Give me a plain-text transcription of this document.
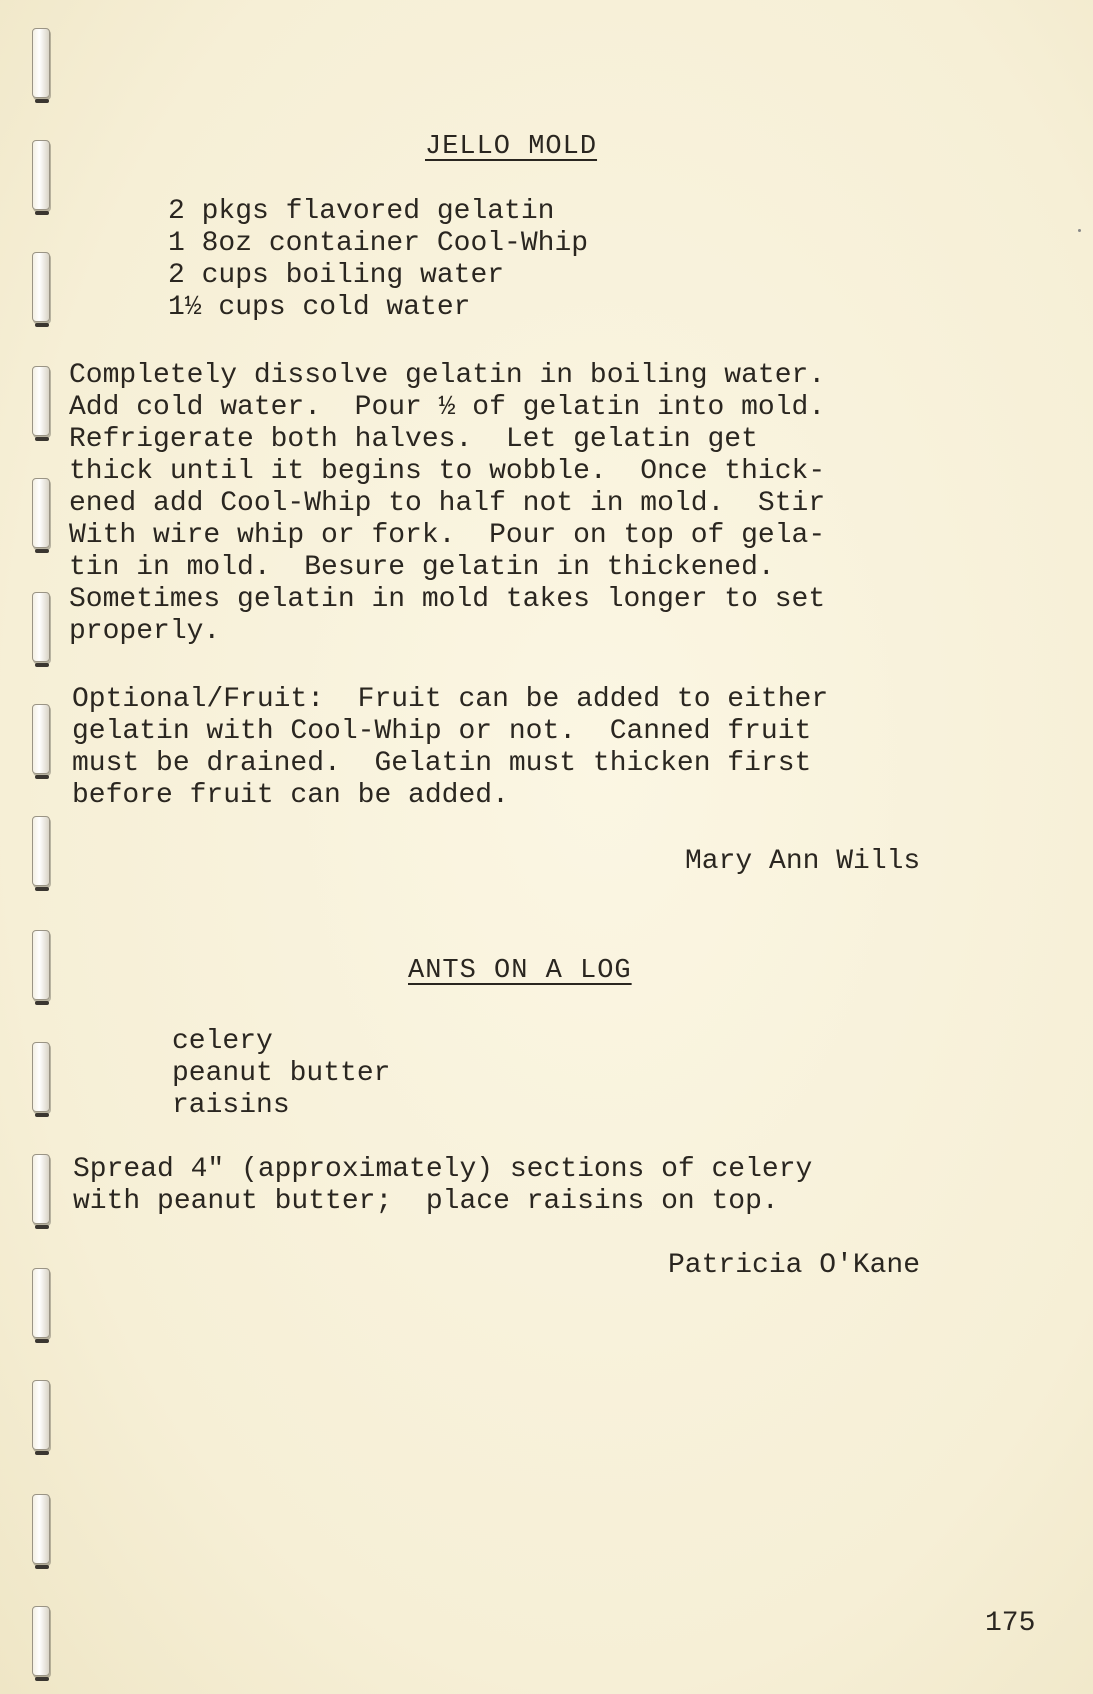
JELLO MOLD
2 pkgs flavored gelatin
1 8oz container Cool-Whip
2 cups boiling water
1½ cups cold water
Completely dissolve gelatin in boiling water.
Add cold water.  Pour ½ of gelatin into mold.
Refrigerate both halves.  Let gelatin get
thick until it begins to wobble.  Once thick-
ened add Cool-Whip to half not in mold.  Stir
With wire whip or fork.  Pour on top of gela-
tin in mold.  Besure gelatin in thickened.
Sometimes gelatin in mold takes longer to set
properly.
Optional/Fruit:  Fruit can be added to either
gelatin with Cool-Whip or not.  Canned fruit
must be drained.  Gelatin must thicken first
before fruit can be added.
Mary Ann Wills
ANTS ON A LOG
celery
peanut butter
raisins
Spread 4" (approximately) sections of celery
with peanut butter;  place raisins on top.
Patricia O'Kane
175
